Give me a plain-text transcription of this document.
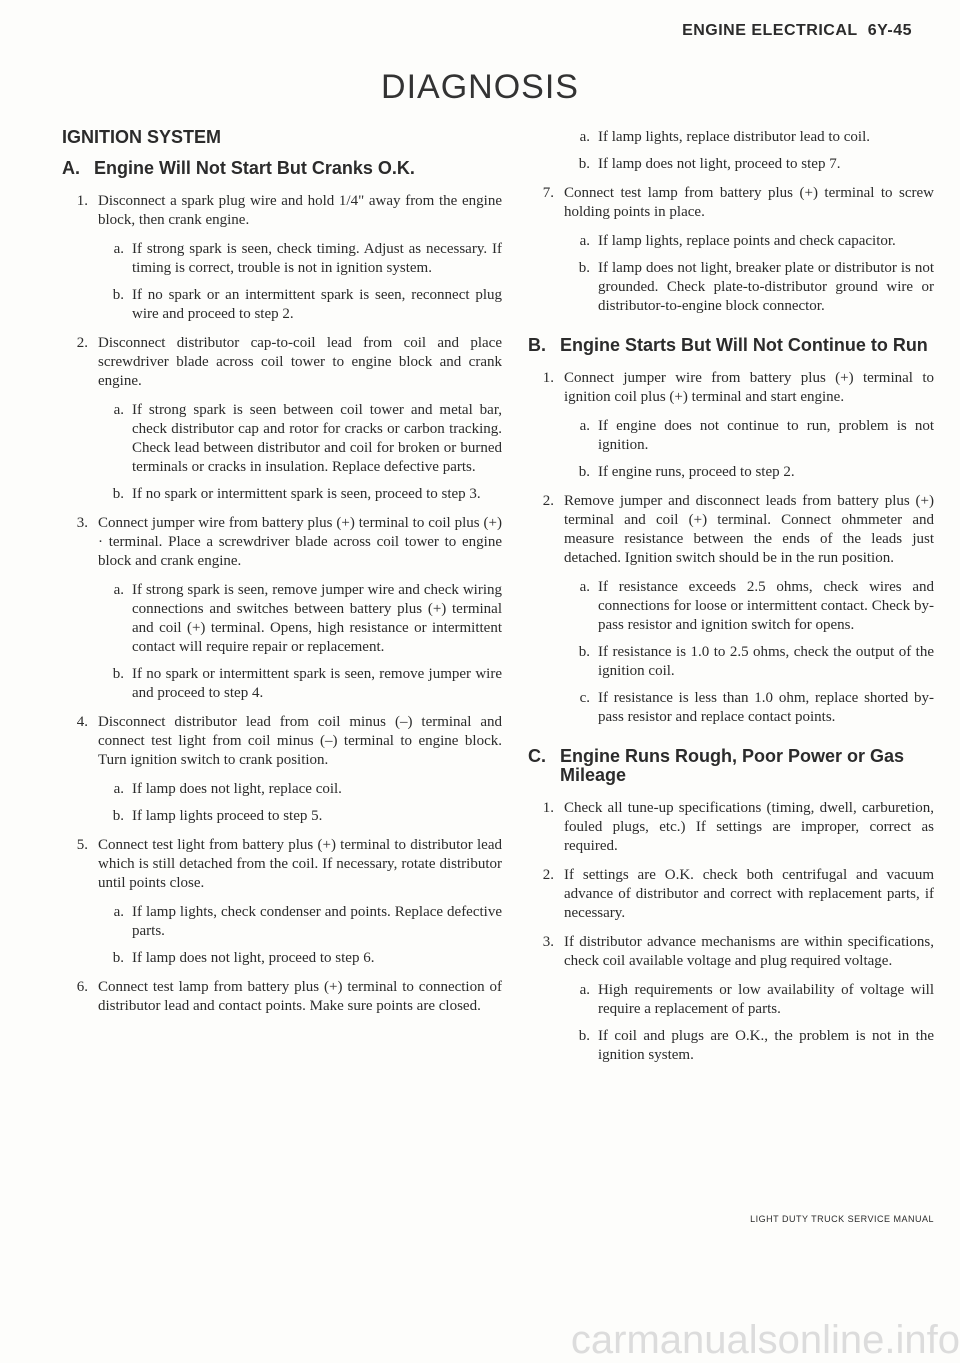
ENGINE ELECTRICAL 6Y-45
DIAGNOSIS
IGNITION SYSTEM
A. Engine Will Not Start But Cranks O.K.
1. Disconnect a spark plug wire and hold 1/4" away from the engine block, then crank engine.
a. If strong spark is seen, check timing. Adjust as necessary. If timing is correct, trouble is not in ignition system.
b. If no spark or an intermittent spark is seen, reconnect plug wire and proceed to step 2.
2. Disconnect distributor cap-to-coil lead from coil and place screwdriver blade across coil tower to engine block and crank engine.
a. If strong spark is seen between coil tower and metal bar, check distributor cap and rotor for cracks or carbon tracking. Check lead between distributor and coil for broken or burned terminals or cracks in insulation. Replace defective parts.
b. If no spark or intermittent spark is seen, proceed to step 3.
3. Connect jumper wire from battery plus (+) terminal to coil plus (+) · terminal. Place a screwdriver blade across coil tower to engine block and crank engine.
a. If strong spark is seen, remove jumper wire and check wiring connections and switches between battery plus (+) terminal and coil (+) terminal. Opens, high resistance or intermittent contact will require repair or replacement.
b. If no spark or intermittent spark is seen, remove jumper wire and proceed to step 4.
4. Disconnect distributor lead from coil minus (–) terminal and connect test light from coil minus (–) terminal to engine block. Turn ignition switch to crank position.
a. If lamp does not light, replace coil.
b. If lamp lights proceed to step 5.
5. Connect test light from battery plus (+) terminal to distributor lead which is still detached from the coil. If necessary, rotate distributor until points close.
a. If lamp lights, check condenser and points. Replace defective parts.
b. If lamp does not light, proceed to step 6.
6. Connect test lamp from battery plus (+) terminal to connection of distributor lead and contact points. Make sure points are closed.
a. If lamp lights, replace distributor lead to coil.
b. If lamp does not light, proceed to step 7.
7. Connect test lamp from battery plus (+) terminal to screw holding points in place.
a. If lamp lights, replace points and check capacitor.
b. If lamp does not light, breaker plate or distributor is not grounded. Check plate-to-distributor ground wire or distributor-to-engine block connector.
B. Engine Starts But Will Not Continue to Run
1. Connect jumper wire from battery plus (+) terminal to ignition coil plus (+) terminal and start engine.
a. If engine does not continue to run, problem is not ignition.
b. If engine runs, proceed to step 2.
2. Remove jumper and disconnect leads from battery plus (+) terminal and coil (+) terminal. Connect ohmmeter and measure resistance between the ends of the leads just detached. Ignition switch should be in the run position.
a. If resistance exceeds 2.5 ohms, check wires and connections for loose or intermittent contact. Check by-pass resistor and ignition switch for opens.
b. If resistance is 1.0 to 2.5 ohms, check the output of the ignition coil.
c. If resistance is less than 1.0 ohm, replace shorted by-pass resistor and replace contact points.
C. Engine Runs Rough, Poor Power or Gas Mileage
1. Check all tune-up specifications (timing, dwell, carburetion, fouled plugs, etc.) If settings are improper, correct as required.
2. If settings are O.K. check both centrifugal and vacuum advance of distributor and correct with replacement parts, if necessary.
3. If distributor advance mechanisms are within specifications, check coil available voltage and plug required voltage.
a. High requirements or low availability of voltage will require a replacement of parts.
b. If coil and plugs are O.K., the problem is not in the ignition system.
LIGHT DUTY TRUCK SERVICE MANUAL
carmanualsonline.info
